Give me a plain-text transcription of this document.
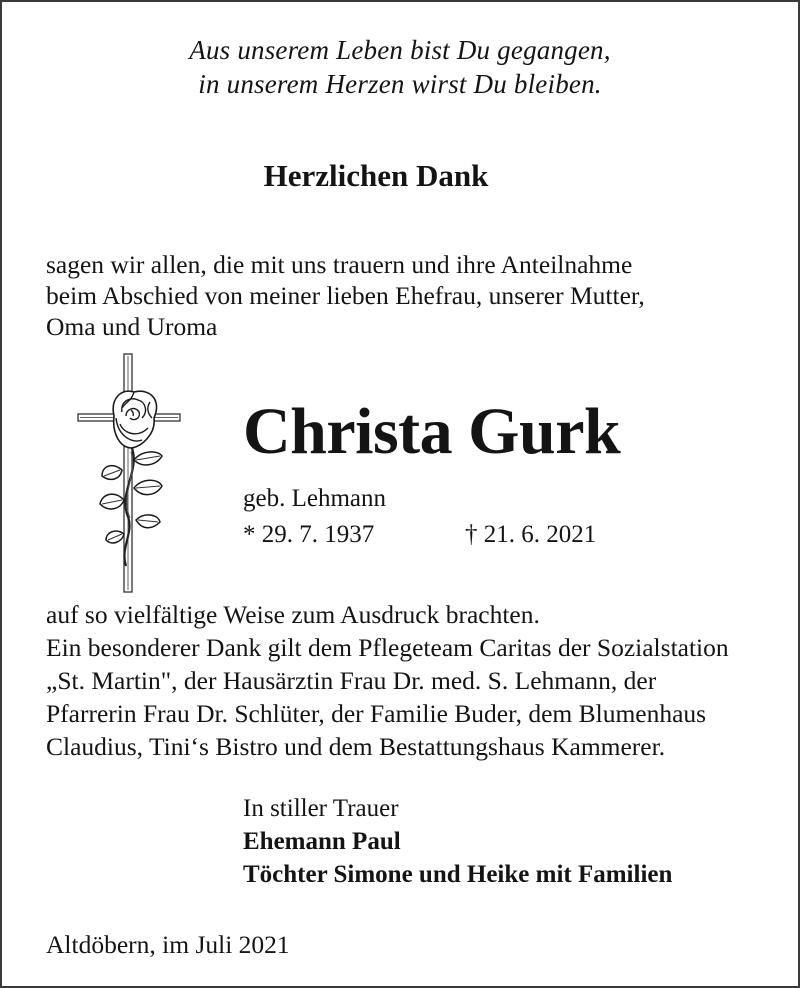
Aus unserem Leben bist Du gegangen,

in unserem Herzen wirst Du bleiben.

Herzlichen Dank

sagen wir allen, die mit uns trauern und ihre Anteilnahme

beim Abschied von meiner lieben Ehefrau, unserer Mutter,

Oma und Uroma

Christa Gurk

geb. Lehmann

* 29. 7. 1937	† 21. 6. 2021

auf so vielfältige Weise zum Ausdruck brachten.

Ein besonderer Dank gilt dem Pflegeteam Caritas der Sozialstation

„St. Martin", der Hausärztin Frau Dr. med. S. Lehmann, der

Pfarrerin Frau Dr. Schlüter, der Familie Buder, dem Blumenhaus

Claudius, Tini‘s Bistro und dem Bestattungshaus Kammerer.

In stiller Trauer

Ehemann Paul

Töchter Simone und Heike mit Familien

Altdöbern, im Juli 2021
